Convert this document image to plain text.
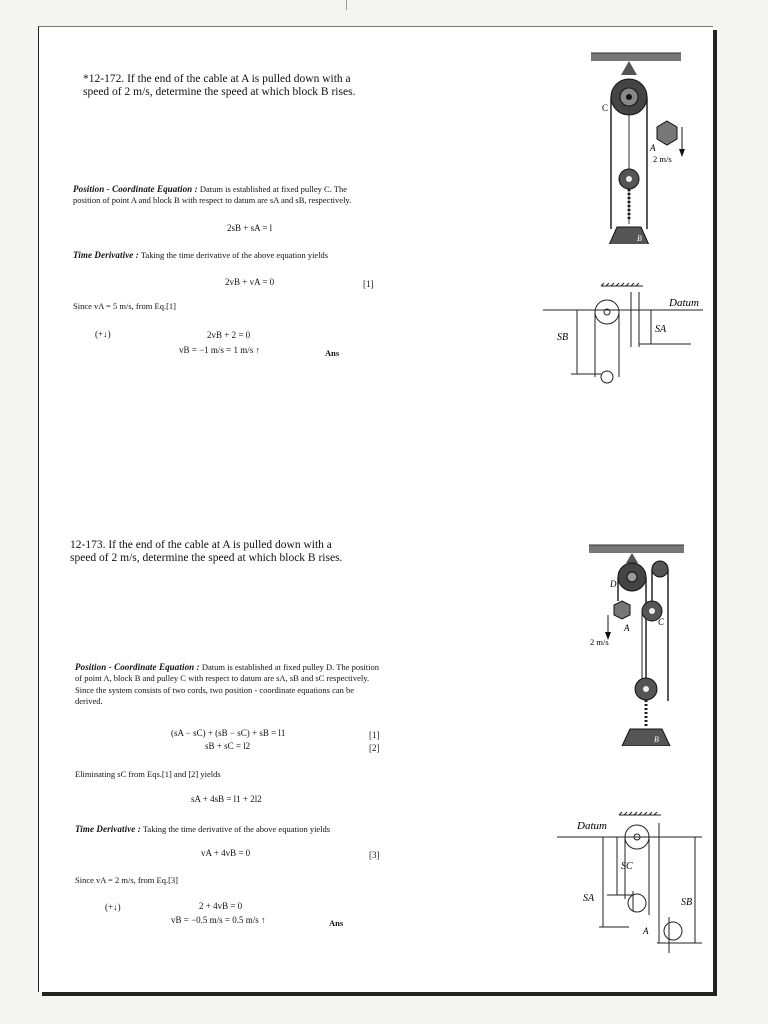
*12-172. If the end of the cable at A is pulled down with a speed of 2 m/s, determine the speed at which block B rises.
Position - Coordinate Equation : Datum is established at fixed pulley C. The position of point A and block B with respect to datum are sA and sB, respectively.
2sB + sA = l
Time Derivative : Taking the time derivative of the above equation yields
2vB + vA = 0	[1]
Since vA = 5 m/s, from Eq.[1]
(+↓)	2vB + 2 = 0
vB = −1 m/s = 1 m/s ↑	Ans
C
A
B
2 m/s
Datum
SA
SB
12-173. If the end of the cable at A is pulled down with a speed of 2 m/s, determine the speed at which block B rises.
Position - Coordinate Equation : Datum is established at fixed pulley D. The position of point A, block B and pulley C with respect to datum are sA, sB and sC respectively. Since the system consists of two cords, two position - coordinate equations can be derived.
(sA − sC) + (sB − sC) + sB = l1	[1]
sB + sC = l2	[2]
Eliminating sC from Eqs.[1] and [2] yields
sA + 4sB = l1 + 2l2
Time Derivative : Taking the time derivative of the above equation yields
vA + 4vB = 0	[3]
Since vA = 2 m/s, from Eq.[3]
(+↓)	2 + 4vB = 0
vB = −0.5 m/s = 0.5 m/s ↑	Ans
D
C
A
B
2 m/s
Datum
SC
SA	SB
A
